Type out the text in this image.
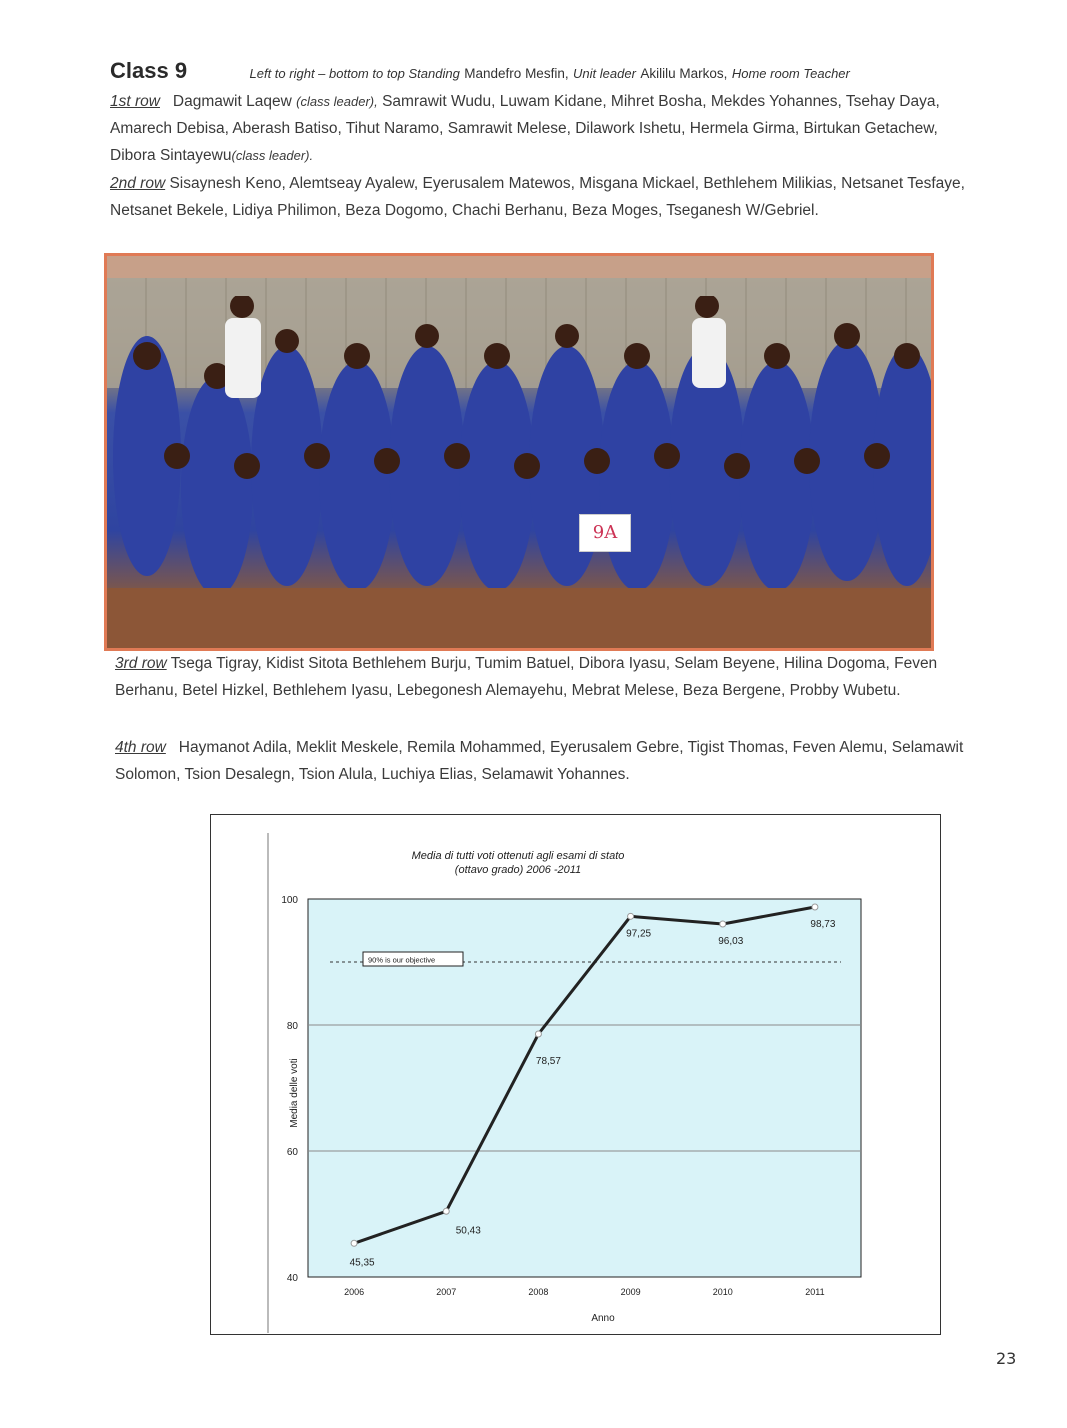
Class 9	Left to right – bottom to top Standing Mandefro Mesfin, Unit leader Akililu Markos, Home room Teacher
1st row Dagmawit Laqew (class leader), Samrawit Wudu, Luwam Kidane, Mihret Bosha, Mekdes Yohannes, Tsehay Daya, Amarech Debisa, Aberash Batiso, Tihut Naramo, Samrawit Melese, Dilawork Ishetu, Hermela Girma, Birtukan Getachew, Dibora Sintayewu(class leader).
2nd row Sisaynesh Keno, Alemtseay Ayalew, Eyerusalem Matewos, Misgana Mickael, Bethlehem Milikias, Netsanet Tesfaye, Netsanet Bekele, Lidiya Philimon, Beza Dogomo, Chachi Berhanu, Beza Moges, Tseganesh W/Gebriel.
9A
3rd row Tsega Tigray, Kidist Sitota Bethlehem Burju, Tumim Batuel, Dibora Iyasu, Selam Beyene, Hilina Dogoma, Feven Berhanu, Betel Hizkel, Bethlehem Iyasu, Lebegonesh Alemayehu, Mebrat Melese, Beza Bergene, Probby Wubetu.
4th row Haymanot Adila, Meklit Meskele, Remila Mohammed, Eyerusalem Gebre, Tigist Thomas, Feven Alemu, Selamawit Solomon, Tsion Desalegn, Tsion Alula, Luchiya Elias, Selamawit Yohannes.
Media di tutti voti ottenuti agli esami di stato
(ottavo grado) 2006 -2011
40
60
80
100
2006	2007	2008	2009	2010	2011
90% is our objective
45,35
50,43
78,57
97,25
96,03
98,73
Media delle voti
Anno
23
